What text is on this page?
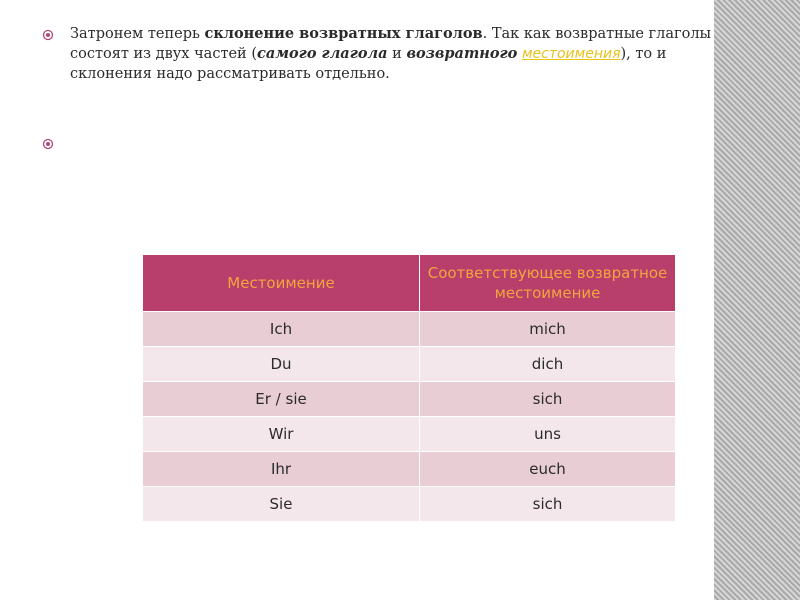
Затронем теперь склонение возвратных глаголов. Так как возвратные глаголы состоят из двух частей (самого глагола и возвратного местоимения), то и склонения надо рассматривать отдельно.
Местоимение	Соответствующее возвратное местоимение
Ich	mich
Du	dich
Er / sie	sich
Wir	uns
Ihr	euch
Sie	sich
